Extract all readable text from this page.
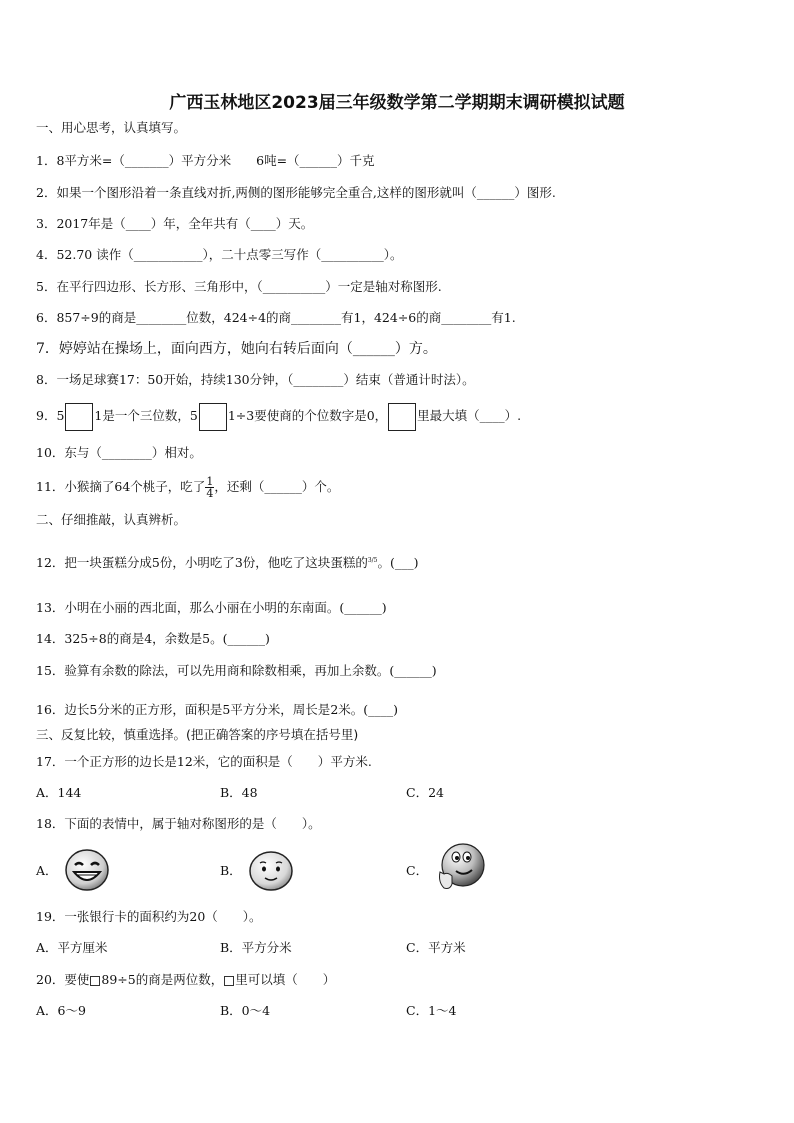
广西玉林地区2023届三年级数学第二学期期末调研模拟试题
一、用心思考，认真填写。
1．8平方米=（_______）平方分米　　6吨=（______）千克
2．如果一个图形沿着一条直线对折,两侧的图形能够完全重合,这样的图形就叫（______）图形.
3．2017年是（____）年，全年共有（____）天。
4．52.70 读作（___________），二十点零三写作（__________）。
5．在平行四边形、长方形、三角形中，（__________）一定是轴对称图形.
6．857÷9的商是________位数，424÷4的商________有1，424÷6的商________有1.
7．婷婷站在操场上，面向西方，她向右转后面向（______）方。
8．一场足球赛17：50开始，持续130分钟，（________）结束（普通计时法）。
9．5 1是一个三位数，5 1÷3要使商的个位数字是0， 里最大填（____）.
10．东与（________）相对。
11．小猴摘了64个桃子，吃了 $\frac{1}{4}$ ，还剩（______）个。
二、仔细推敲，认真辨析。
12．把一块蛋糕分成5份，小明吃了3份，他吃了这块蛋糕的$^{3/5}$。(___)
13．小明在小丽的西北面，那么小丽在小明的东南面。(______)
14．325÷8的商是4，余数是5。(______)
15．验算有余数的除法，可以先用商和除数相乘，再加上余数。(______)
16．边长5分米的正方形，面积是5平方分米，周长是2米。(____)
三、反复比较，慎重选择。(把正确答案的序号填在括号里)
17．一个正方形的边长是12米，它的面积是（　　）平方米.
A．144	B．48	C．24
18．下面的表情中，属于轴对称图形的是（　　）。
A．	B．	C．
19．一张银行卡的面积约为20（　　）。
A．平方厘米	B．平方分米	C．平方米
20．要使 89÷5的商是两位数， 里可以填（　　）
A．6～9	B．0～4	C．1～4
